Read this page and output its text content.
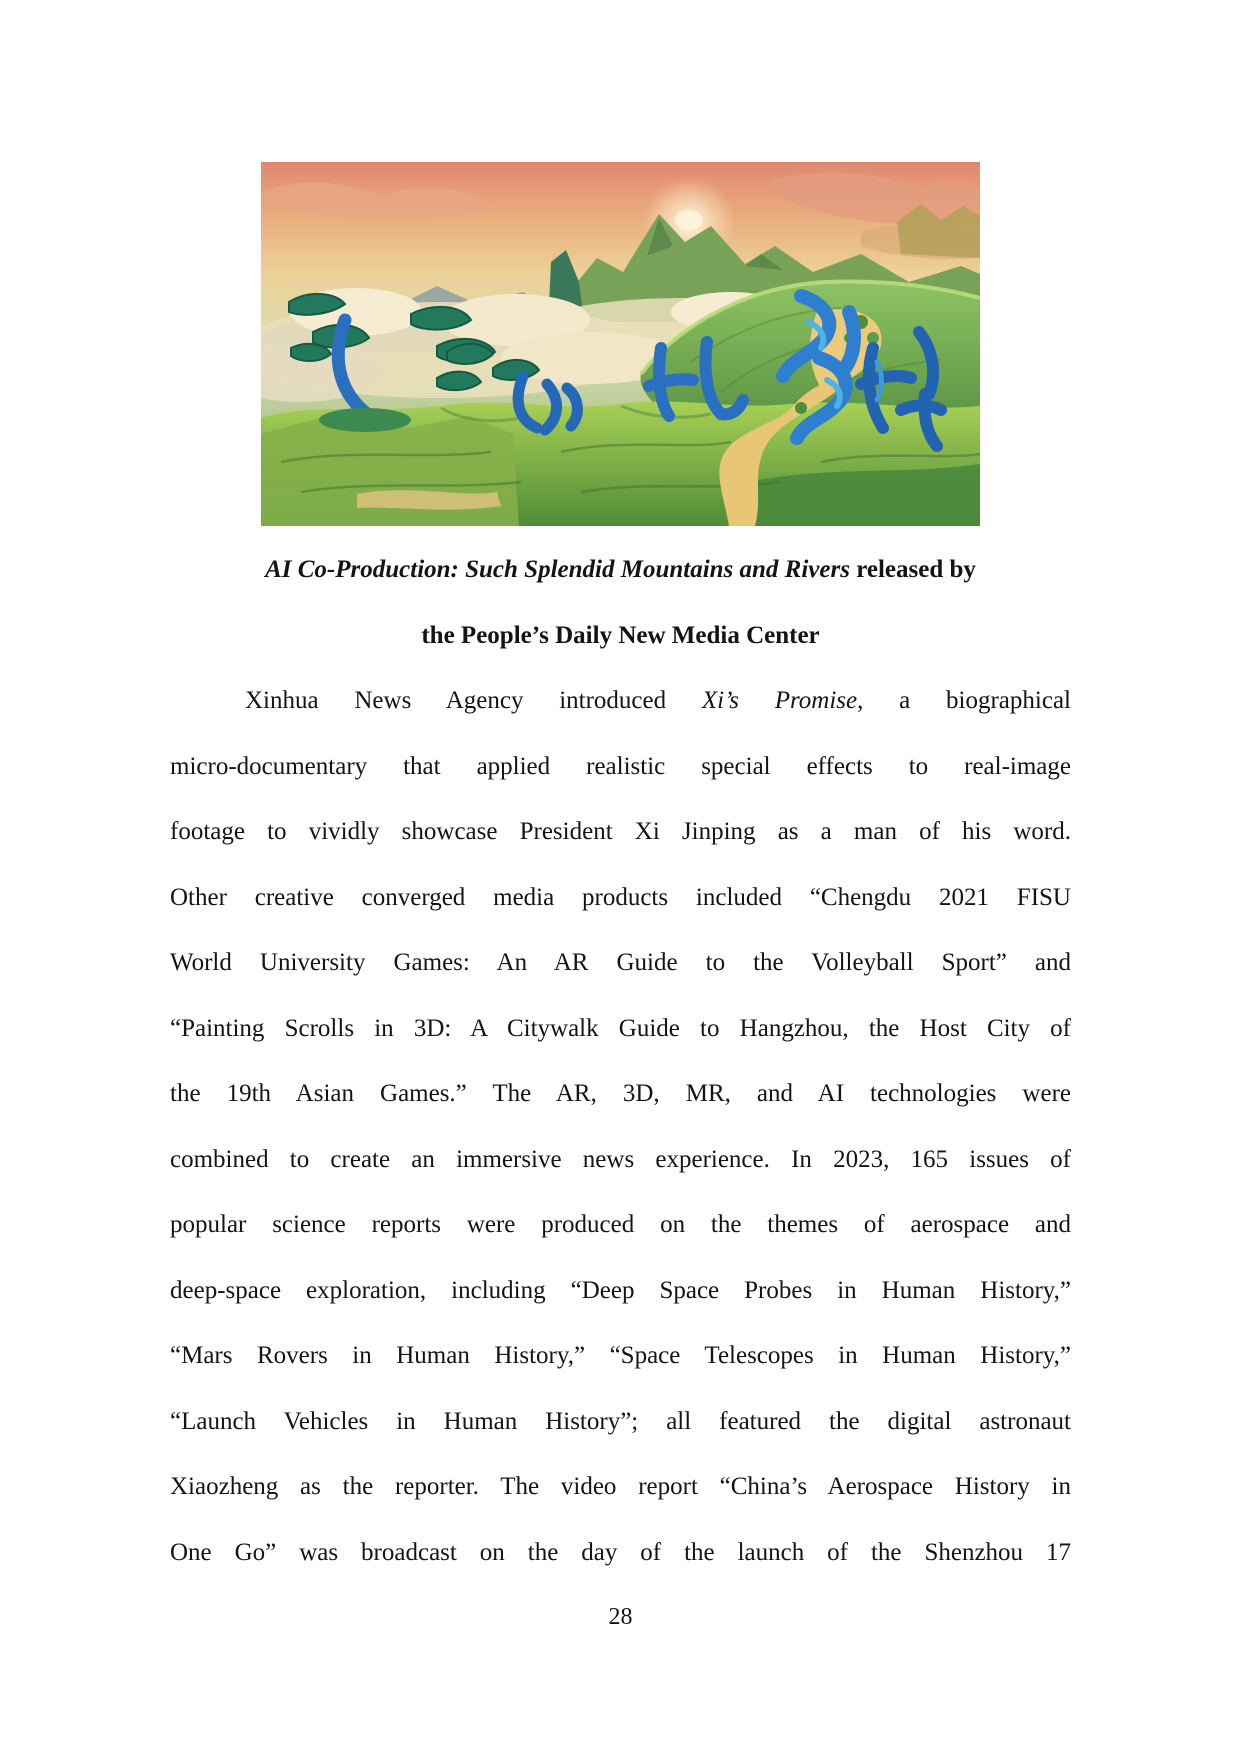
AI Co-Production: Such Splendid Mountains and Rivers released by
the People’s Daily New Media Center
Xinhua News Agency introduced Xi’s Promise, a biographical
micro-documentary that applied realistic special effects to real-image
footage to vividly showcase President Xi Jinping as a man of his word.
Other creative converged media products included “Chengdu 2021 FISU
World University Games: An AR Guide to the Volleyball Sport” and
“Painting Scrolls in 3D: A Citywalk Guide to Hangzhou, the Host City of
the 19th Asian Games.” The AR, 3D, MR, and AI technologies were
combined to create an immersive news experience. In 2023, 165 issues of
popular science reports were produced on the themes of aerospace and
deep-space exploration, including “Deep Space Probes in Human History,”
“Mars Rovers in Human History,” “Space Telescopes in Human History,”
“Launch Vehicles in Human History”; all featured the digital astronaut
Xiaozheng as the reporter. The video report “China’s Aerospace History in
One Go” was broadcast on the day of the launch of the Shenzhou 17
28
